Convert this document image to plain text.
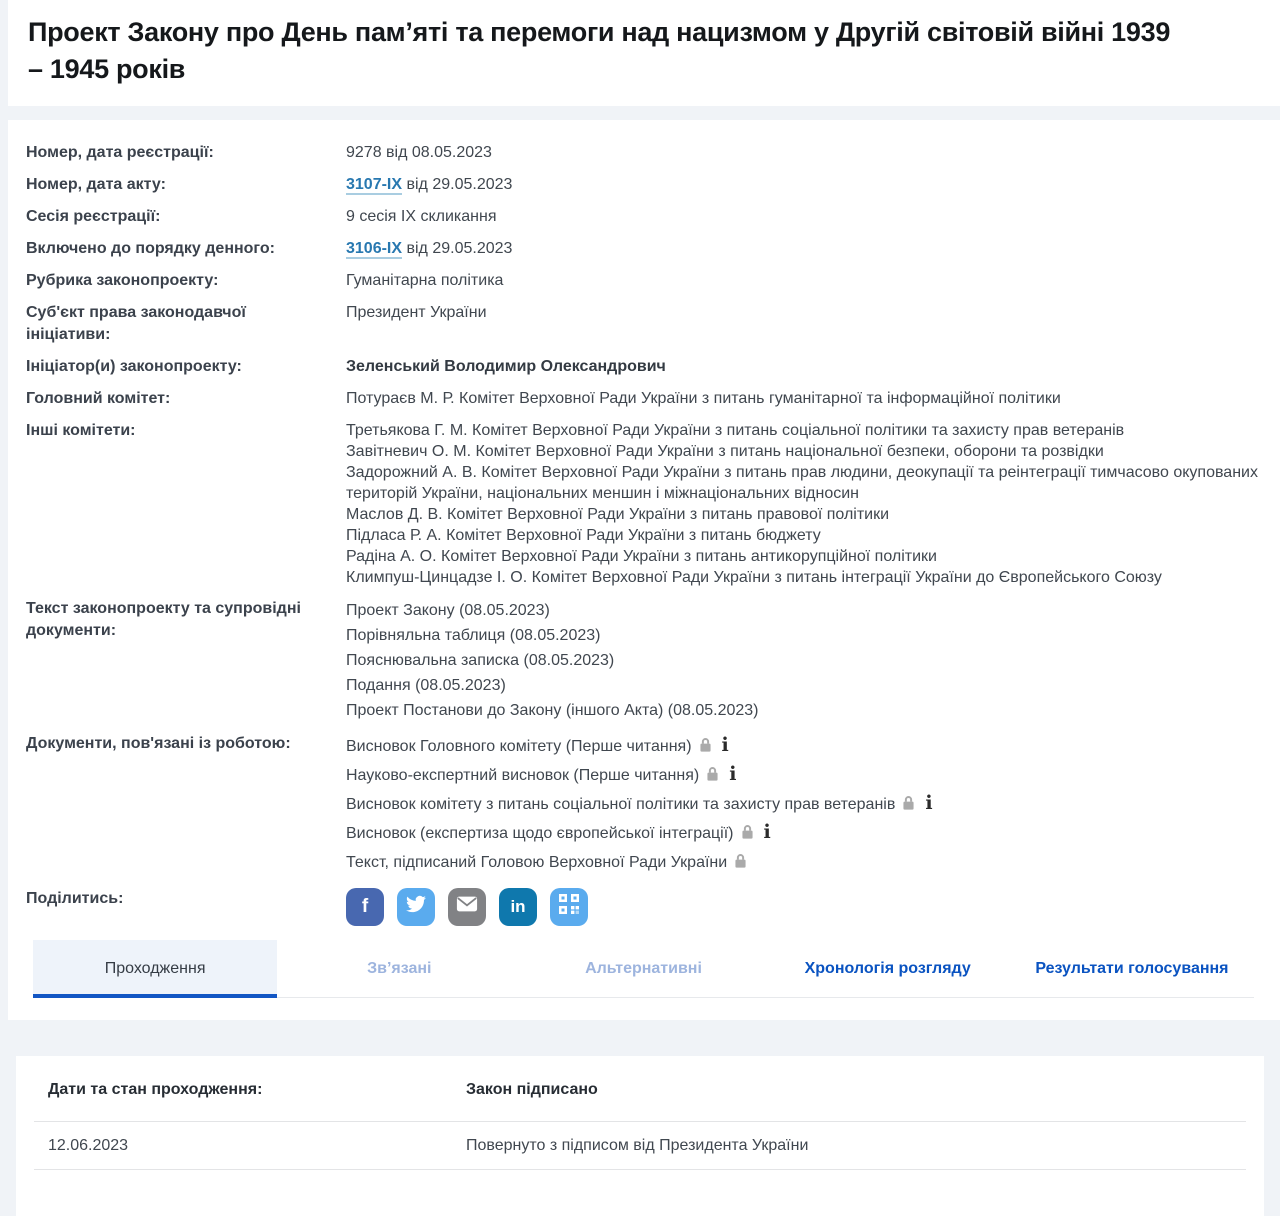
Проект Закону про День пам’яті та перемоги над нацизмом у Другій світовій війні 1939 – 1945 років
Номер, дата реєстрації:	9278 від 08.05.2023
Номер, дата акту:	3107-IX від 29.05.2023
Сесія реєстрації:	9 сесія IX скликання
Включено до порядку денного:	3106-IX від 29.05.2023
Рубрика законопроекту:	Гуманітарна політика
Суб'єкт права законодавчої ініціативи:
Президент України
Ініціатор(и) законопроекту:	Зеленський Володимир Олександрович
Головний комітет:	Потураєв М. Р. Комітет Верховної Ради України з питань гуманітарної та інформаційної політики
Інші комітети:	Третьякова Г. М. Комітет Верховної Ради України з питань соціальної політики та захисту прав ветеранів
Завітневич О. М. Комітет Верховної Ради України з питань національної безпеки, оборони та розвідки
Задорожний А. В. Комітет Верховної Ради України з питань прав людини, деокупації та реінтеграції тимчасово окупованих територій України, національних меншин і міжнаціональних відносин
Маслов Д. В. Комітет Верховної Ради України з питань правової політики
Підласа Р. А. Комітет Верховної Ради України з питань бюджету
Радіна А. О. Комітет Верховної Ради України з питань антикорупційної політики
Климпуш-Цинцадзе І. О. Комітет Верховної Ради України з питань інтеграції України до Європейського Союзу
Текст законопроекту та супровідні документи:
Проект Закону (08.05.2023)
Порівняльна таблиця (08.05.2023)
Пояснювальна записка (08.05.2023)
Подання (08.05.2023)
Проект Постанови до Закону (іншого Акта) (08.05.2023)
Документи, пов'язані із роботою:	Висновок Головного комітету (Перше читання) i
Науково-експертний висновок (Перше читання) i
Висновок комітету з питань соціальної політики та захисту прав ветеранів i
Висновок (експертиза щодо європейської інтеграції) i
Текст, підписаний Головою Верховної Ради України
Поділитись:	f	in
Проходження	Зв’язані	Альтернативні	Хронологія розгляду	Результати голосування
Дати та стан проходження:	Закон підписано
12.06.2023	Повернуто з підписом від Президента України
